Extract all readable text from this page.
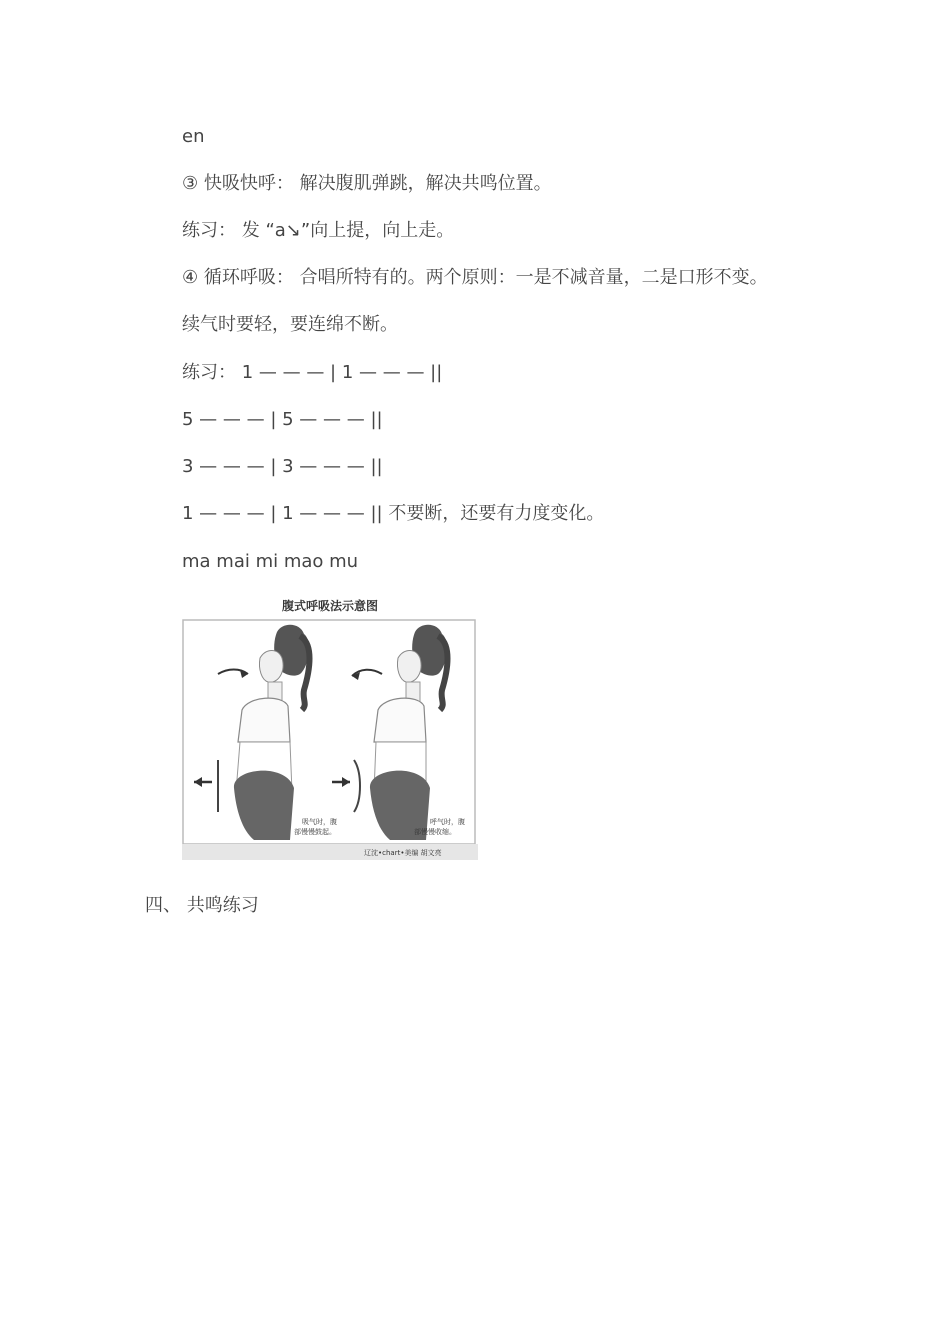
en
③ 快吸快呼： 解决腹肌弹跳，解决共鸣位置。
练习： 发 “a↘”向上提，向上走。
④ 循环呼吸： 合唱所特有的。两个原则：一是不减音量，二是口形不变。
续气时要轻，要连绵不断。
练习： 1 — — — | 1 — — — ||
5 — — — | 5 — — — ||
3 — — — | 3 — — — ||
1 — — — | 1 — — — || 不要断，还要有力度变化。
ma mai mi mao mu
腹式呼吸法示意图
吸气时，腹
部慢慢鼓起。
呼气时，腹
部慢慢收缩。
辽沈•chart•美编 胡文亮
四、 共鸣练习
